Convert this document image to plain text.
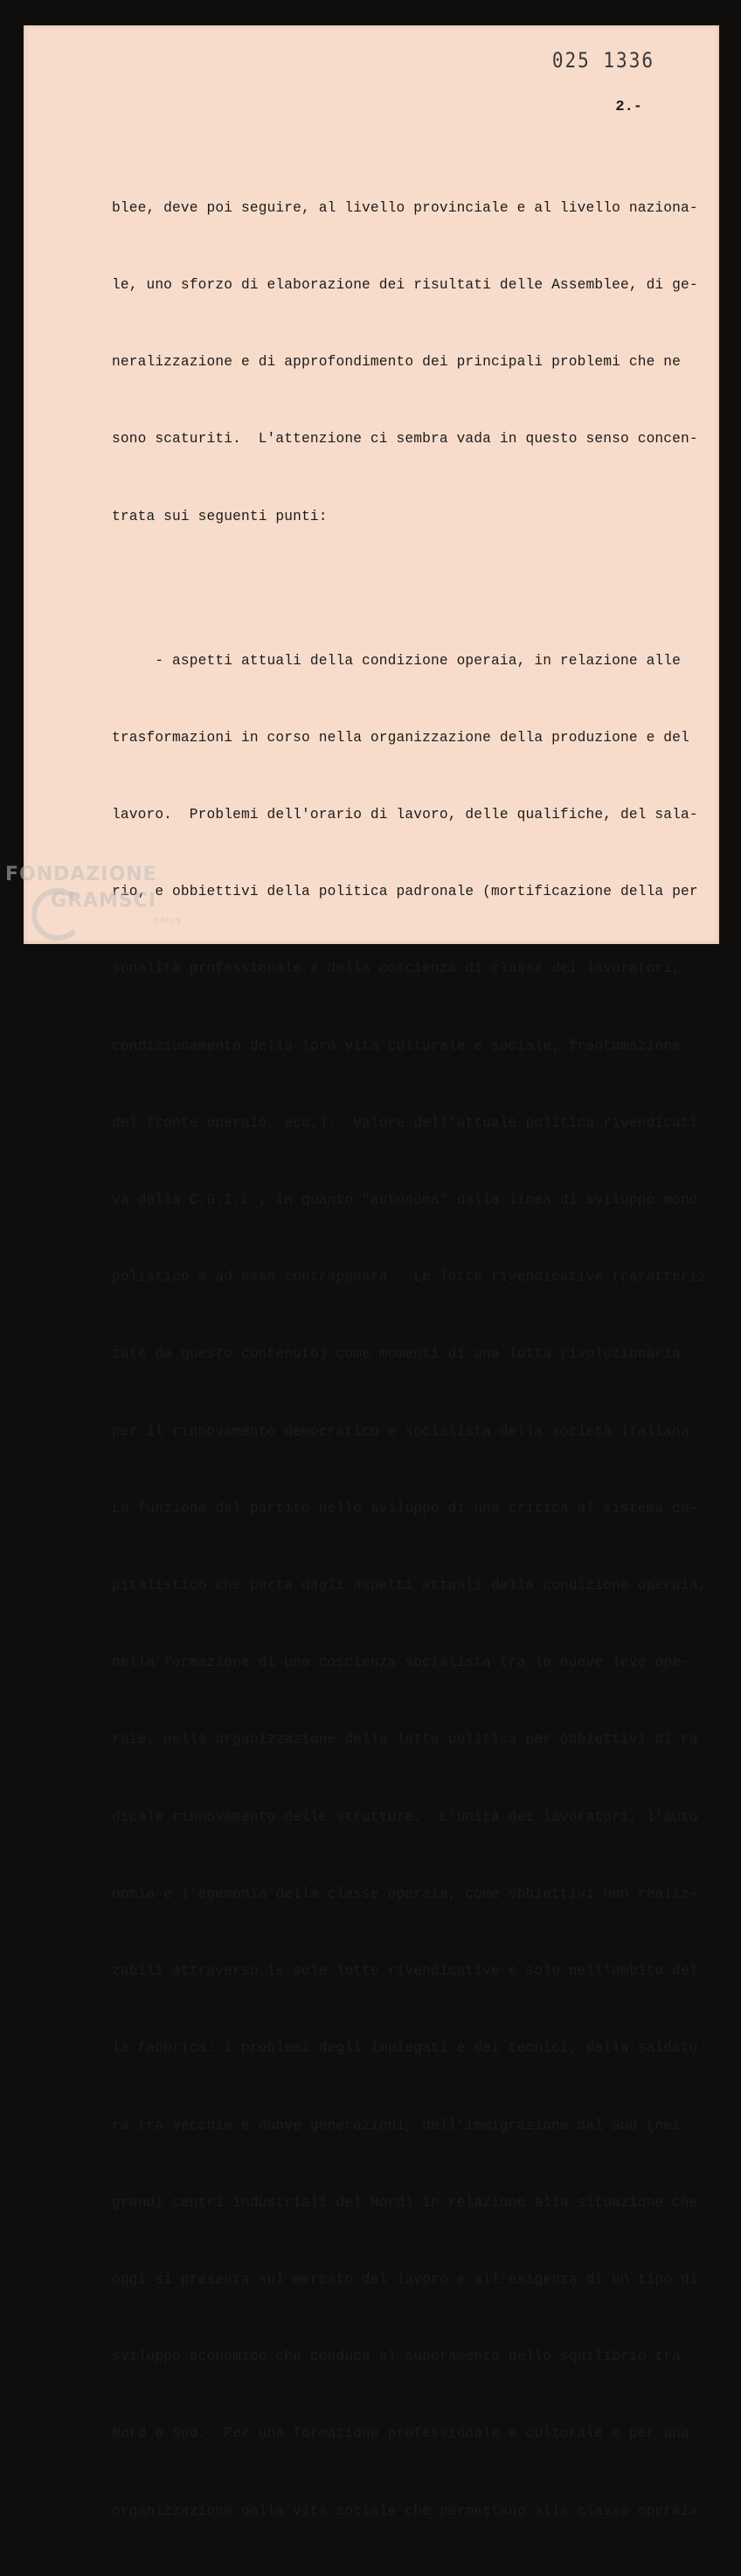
025 1336
2.-

blee, deve poi seguire, al livello provinciale e al livello naziona-

le, uno sforzo di elaborazione dei risultati delle Assemblee, di ge-

neralizzazione e di approfondimento dei principali problemi che ne

sono scaturiti.  L'attenzione ci sembra vada in questo senso concen-

trata sui seguenti punti:

- aspetti attuali della condizione operaia, in relazione alle

trasformazioni in corso nella organizzazione della produzione e del

lavoro.  Problemi dell'orario di lavoro, delle qualifiche, del sala-

rio, e obbiettivi della politica padronale (mortificazione della per

sonalità professionale e della coscienza di classe dei lavoratori,

condizionamento della loro vita culturale e sociale, frantumazione

del fronte operaio, ecc.).  Valore dell'attuale politica rivendicati

va della C.G.I.L., in quanto "autonoma" dalla linea di sviluppo mono

polistico e ad essa contrapposta.  Le lotte rivendicative (caratteriz

zate da questo contenuto) come momenti di una lotta rivoluzionaria

per il rinnovamento democratico e socialista della società italiana.

La funzione del partito nello sviluppo di una critica al sistema ca-

pitalistico che parta dagli aspetti attuali della condizione operaia,

nella formazione di una coscienza socialista tra le nuove leve ope-

raie, nella organizzazione della lotta politica per obbiettivi di ra

dicale rinnovamento delle strutture.  L'unità dei lavoratori, l'auto

nomia e l'egemonia della classe operaia, come obbiettivi non realiz-

zabili attraverso le sole lotte rivendicative e solo nell'ambito del

la fabbrica: i problemi degli impiegati e dei tecnici, della saldatu

ra tra vecchie e nuove generazioni, dell'immigrazione dal Sud (nei

grandi centri industriali del Nord) in relazione alla situazione che

oggi si presenta sul mercato del lavoro e all'esigenza di un tipo di

sviluppo economico che conduca al superamento dello squilibrio tra

Nord e Sud.  Per una formazione professionale e culturale e per una

organizzazione della vita sociale che permettano alla classe operaia

FONDAZIONE
GRAMSCI
onlus
